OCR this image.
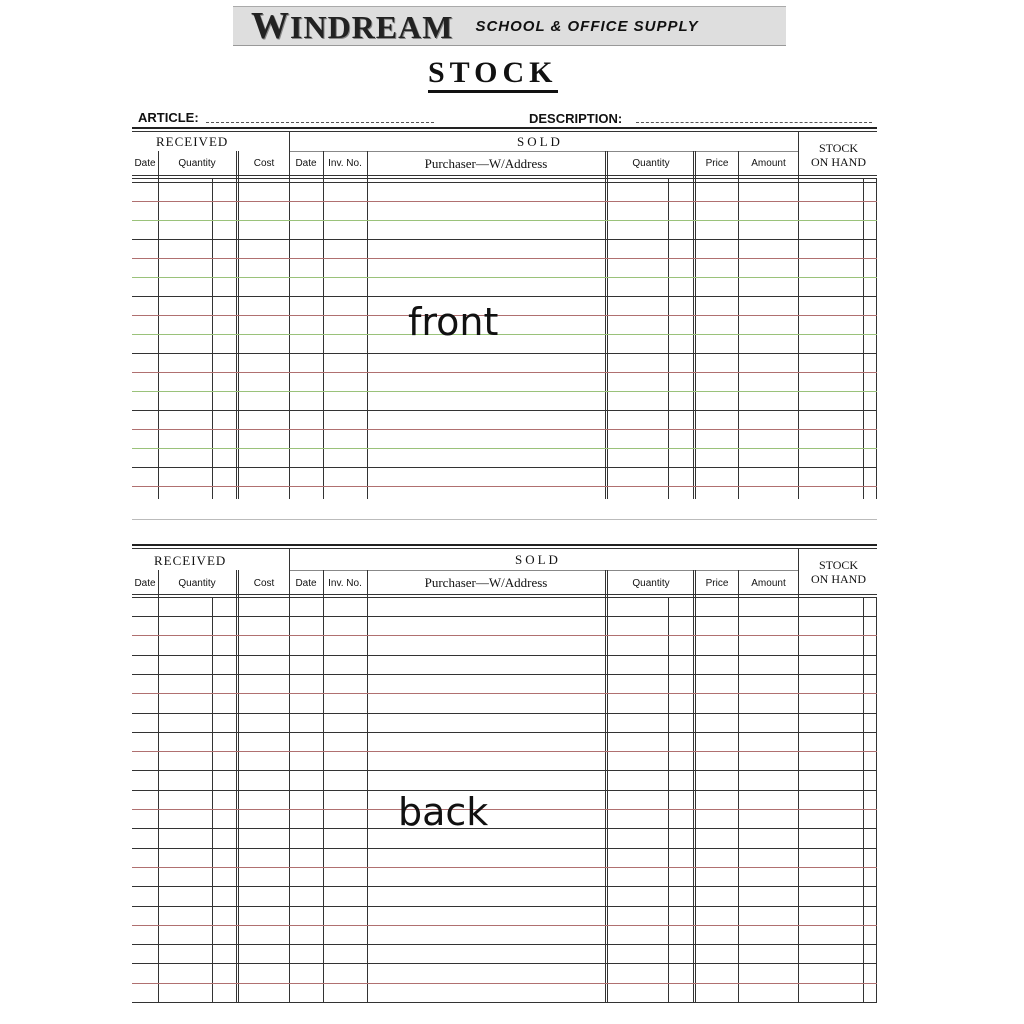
WINDREAM SCHOOL & OFFICE SUPPLY
STOCK
ARTICLE:	DESCRIPTION:
RECEIVED	SOLD	STOCK
ON HAND
Date	Quantity	Cost	Date	Inv. No.	Purchaser—W/Address	Quantity	Price	Amount
front
RECEIVED	SOLD	STOCK
ON HAND
Date	Quantity	Cost	Date	Inv. No.	Purchaser—W/Address	Quantity	Price	Amount
back
